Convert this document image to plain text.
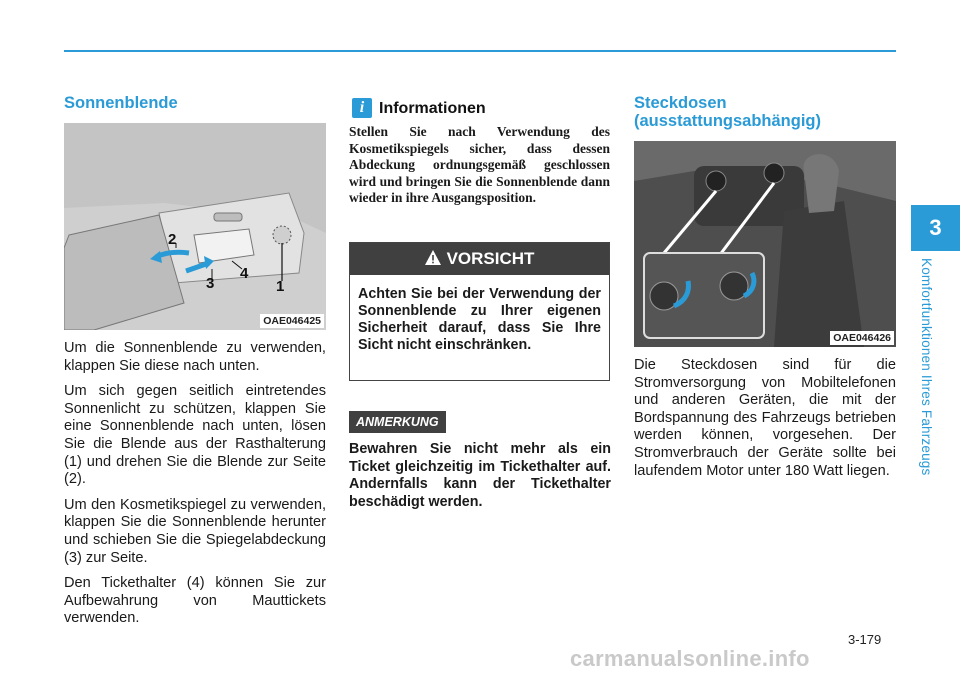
Sonnenblende
2
3
4
1
OAE046425

Um die Sonnenblende zu verwenden, klappen Sie diese nach unten.

Um sich gegen seitlich eintretendes Sonnenlicht zu schützen, klappen Sie eine Sonnenblende nach unten, lösen Sie die Blende aus der Rasthalterung (1) und drehen Sie die Blende zur Seite (2).

Um den Kosmetikspiegel zu verwenden, klappen Sie die Sonnenblende herunter und schieben Sie die Spiegelabdeckung (3) zur Seite.

Den Tickethalter (4) können Sie zur Aufbewahrung von Mauttickets verwenden.

i Informationen
Stellen Sie nach Verwendung des Kosmetikspiegels sicher, dass dessen Abdeckung ordnungsgemäß geschlossen wird und bringen Sie die Sonnenblende dann wieder in ihre Ausgangsposition.
VORSICHT
Achten Sie bei der Verwendung der Sonnenblende zu Ihrer eigenen Sicherheit darauf, dass Sie Ihre Sicht nicht einschränken.
ANMERKUNG
Bewahren Sie nicht mehr als ein Ticket gleichzeitig im Tickethalter auf. Andernfalls kann der Tickethalter beschädigt werden.
Steckdosen
(ausstattungsabhängig)
OAE046426
Die Steckdosen sind für die Stromversorgung von Mobiltelefonen und anderen Geräten, die mit der Bordspannung des Fahrzeugs betrieben werden können, vorgesehen. Der Stromverbrauch der Geräte sollte bei laufendem Motor unter 180 Watt liegen.
3
Komfortfunktionen Ihres Fahrzeugs
3-179
carmanualsonline.info
